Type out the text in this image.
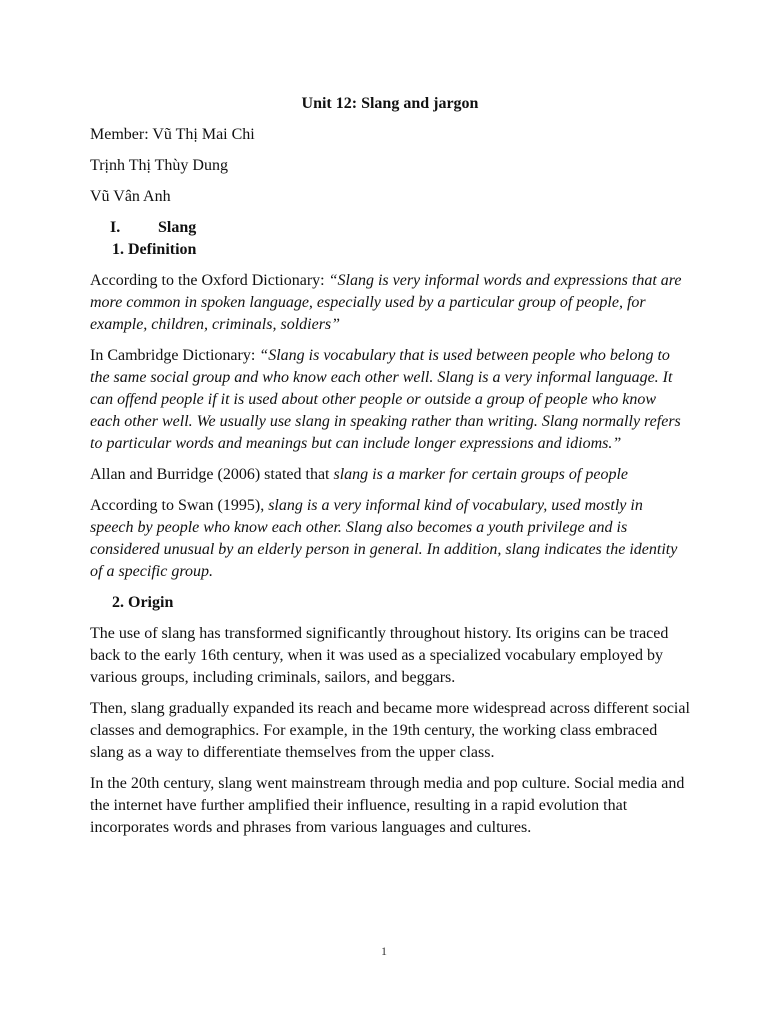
Unit 12: Slang and jargon
Member: Vũ Thị Mai Chi
Trịnh Thị Thùy Dung
Vũ Vân Anh
I. Slang
1. Definition

According to the Oxford Dictionary: “Slang is very informal words and expressions that are more common in spoken language, especially used by a particular group of people, for example, children, criminals, soldiers”

In Cambridge Dictionary: “Slang is vocabulary that is used between people who belong to the same social group and who know each other well. Slang is a very informal language. It can offend people if it is used about other people or outside a group of people who know each other well. We usually use slang in speaking rather than writing. Slang normally refers to particular words and meanings but can include longer expressions and idioms.”

Allan and Burridge (2006) stated that slang is a marker for certain groups of people

According to Swan (1995), slang is a very informal kind of vocabulary, used mostly in speech by people who know each other. Slang also becomes a youth privilege and is considered unusual by an elderly person in general. In addition, slang indicates the identity of a specific group.

2. Origin

The use of slang has transformed significantly throughout history. Its origins can be traced back to the early 16th century, when it was used as a specialized vocabulary employed by various groups, including criminals, sailors, and beggars.

Then, slang gradually expanded its reach and became more widespread across different social classes and demographics. For example, in the 19th century, the working class embraced slang as a way to differentiate themselves from the upper class.

In the 20th century, slang went mainstream through media and pop culture. Social media and the internet have further amplified their influence, resulting in a rapid evolution that incorporates words and phrases from various languages and cultures.

1
